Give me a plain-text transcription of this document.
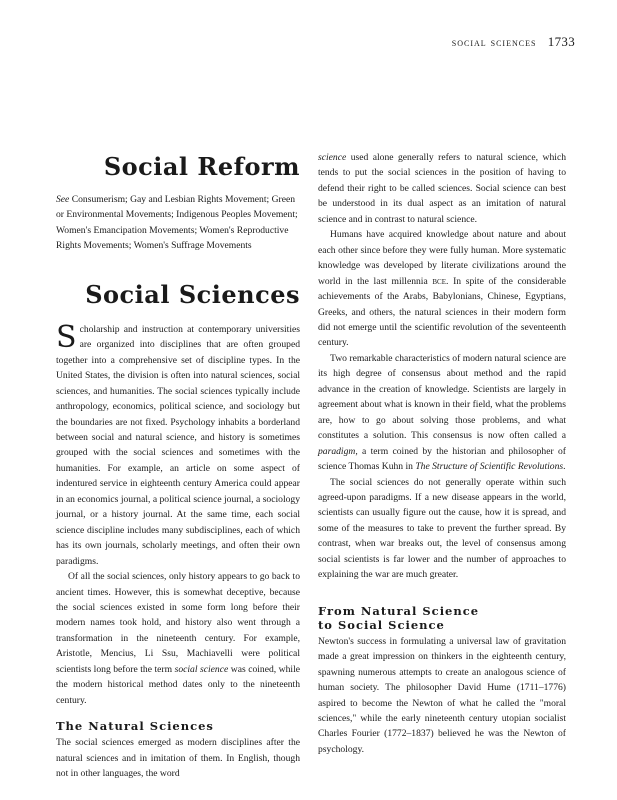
social sciences 1733
Social Reform

See Consumerism; Gay and Lesbian Rights Movement; Green or Environmental Movements; Indigenous Peoples Movement; Women's Emancipation Movements; Women's Reproductive Rights Movements; Women's Suffrage Movements

Social Sciences

Scholarship and instruction at contemporary universities are organized into disciplines that are often grouped together into a comprehensive set of discipline types. In the United States, the division is often into natural sciences, social sciences, and humanities. The social sciences typically include anthropology, economics, political science, and sociology but the boundaries are not fixed. Psychology inhabits a borderland between social and natural science, and history is sometimes grouped with the social sciences and sometimes with the humanities. For example, an article on some aspect of indentured service in eighteenth century America could appear in an economics journal, a political science journal, a sociology journal, or a history journal. At the same time, each social science discipline includes many subdisciplines, each of which has its own journals, scholarly meetings, and often their own paradigms.

Of all the social sciences, only history appears to go back to ancient times. However, this is somewhat deceptive, because the social sciences existed in some form long before their modern names took hold, and history also went through a transformation in the nineteenth century. For example, Aristotle, Mencius, Li Ssu, Machiavelli were political scientists long before the term social science was coined, while the modern historical method dates only to the nineteenth century.

The Natural Sciences

The social sciences emerged as modern disciplines after the natural sciences and in imitation of them. In English, though not in other languages, the word

science used alone generally refers to natural science, which tends to put the social sciences in the position of having to defend their right to be called sciences. Social science can best be understood in its dual aspect as an imitation of natural science and in contrast to natural science.

Humans have acquired knowledge about nature and about each other since before they were fully human. More systematic knowledge was developed by literate civilizations around the world in the last millennia bce. In spite of the considerable achievements of the Arabs, Babylonians, Chinese, Egyptians, Greeks, and others, the natural sciences in their modern form did not emerge until the scientific revolution of the seventeenth century.

Two remarkable characteristics of modern natural science are its high degree of consensus about method and the rapid advance in the creation of knowledge. Scientists are largely in agreement about what is known in their field, what the problems are, how to go about solving those problems, and what constitutes a solution. This consensus is now often called a paradigm, a term coined by the historian and philosopher of science Thomas Kuhn in The Structure of Scientific Revolutions.

The social sciences do not generally operate within such agreed-upon paradigms. If a new disease appears in the world, scientists can usually figure out the cause, how it is spread, and some of the measures to take to prevent the further spread. By contrast, when war breaks out, the level of consensus among social scientists is far lower and the number of approaches to explaining the war are much greater.

From Natural Science
to Social Science

Newton's success in formulating a universal law of gravitation made a great impression on thinkers in the eighteenth century, spawning numerous attempts to create an analogous science of human society. The philosopher David Hume (1711–1776) aspired to become the Newton of what he called the "moral sciences," while the early nineteenth century utopian socialist Charles Fourier (1772–1837) believed he was the Newton of psychology.
